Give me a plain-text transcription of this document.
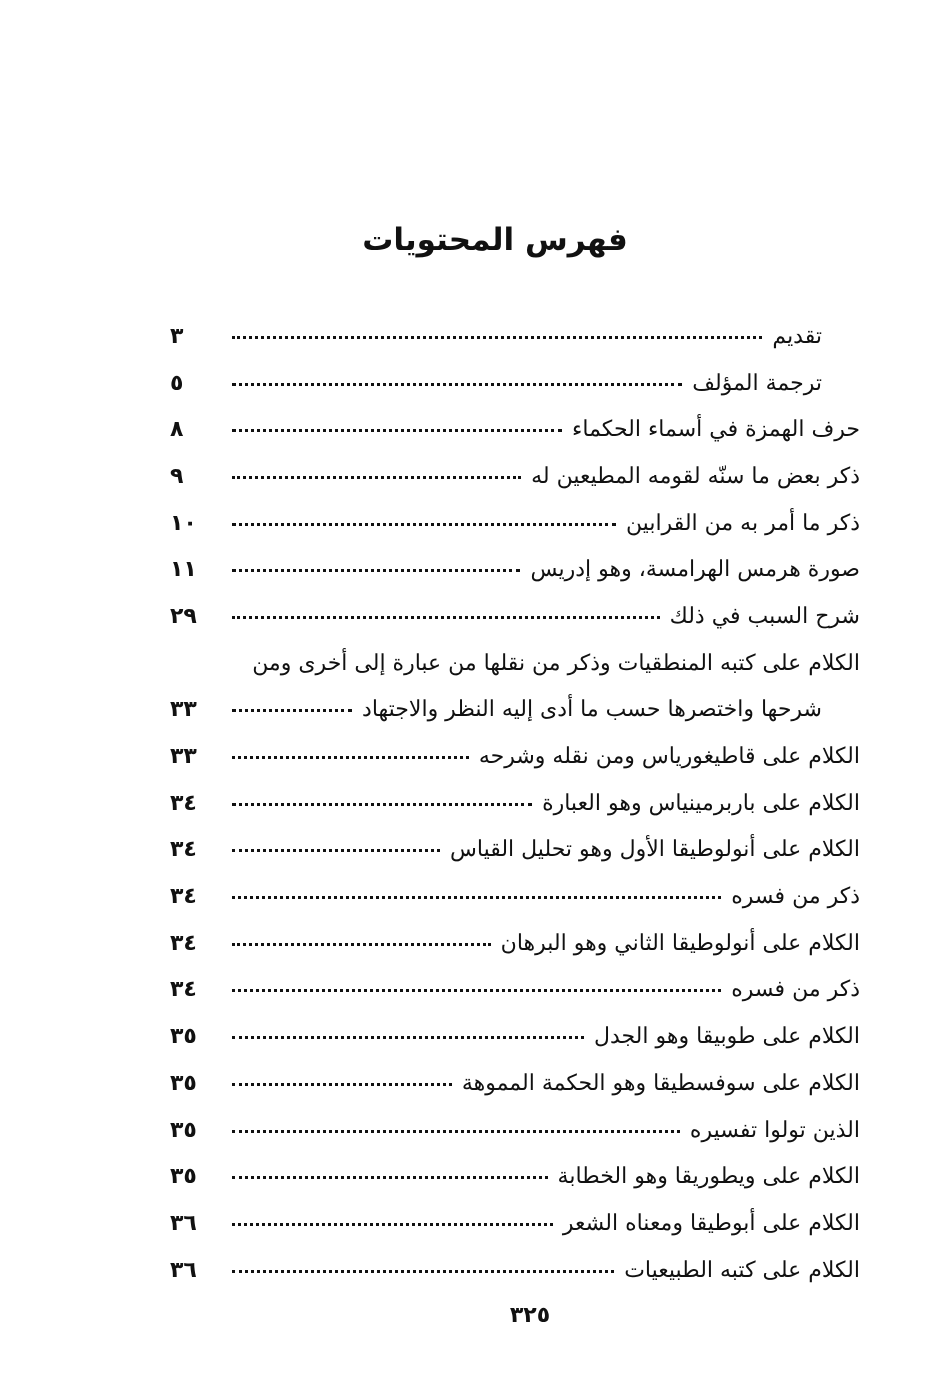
فهرس المحتويات
تقديم
٣
ترجمة المؤلف
٥
حرف الهمزة في أسماء الحكماء
٨
ذكر بعض ما سنّه لقومه المطيعين له
٩
ذكر ما أمر به من القرابين
١٠
صورة هرمس الهرامسة، وهو إدريس
١١
شرح السبب في ذلك
٢٩
الكلام على كتبه المنطقيات وذكر من نقلها من عبارة إلى أخرى ومن
شرحها واختصرها حسب ما أدى إليه النظر والاجتهاد
٣٣
الكلام على قاطيغورياس ومن نقله وشرحه
٣٣
الكلام على باربرمينياس وهو العبارة
٣٤
الكلام على أنولوطيقا الأول وهو تحليل القياس
٣٤
ذكر من فسره
٣٤
الكلام على أنولوطيقا الثاني وهو البرهان
٣٤
ذكر من فسره
٣٤
الكلام على طوبيقا وهو الجدل
٣٥
الكلام على سوفسطيقا وهو الحكمة المموهة
٣٥
الذين تولوا تفسيره
٣٥
الكلام على ويطوريقا وهو الخطابة
٣٥
الكلام على أبوطيقا ومعناه الشعر
٣٦
الكلام على كتبه الطبيعيات
٣٦
٣٢٥
